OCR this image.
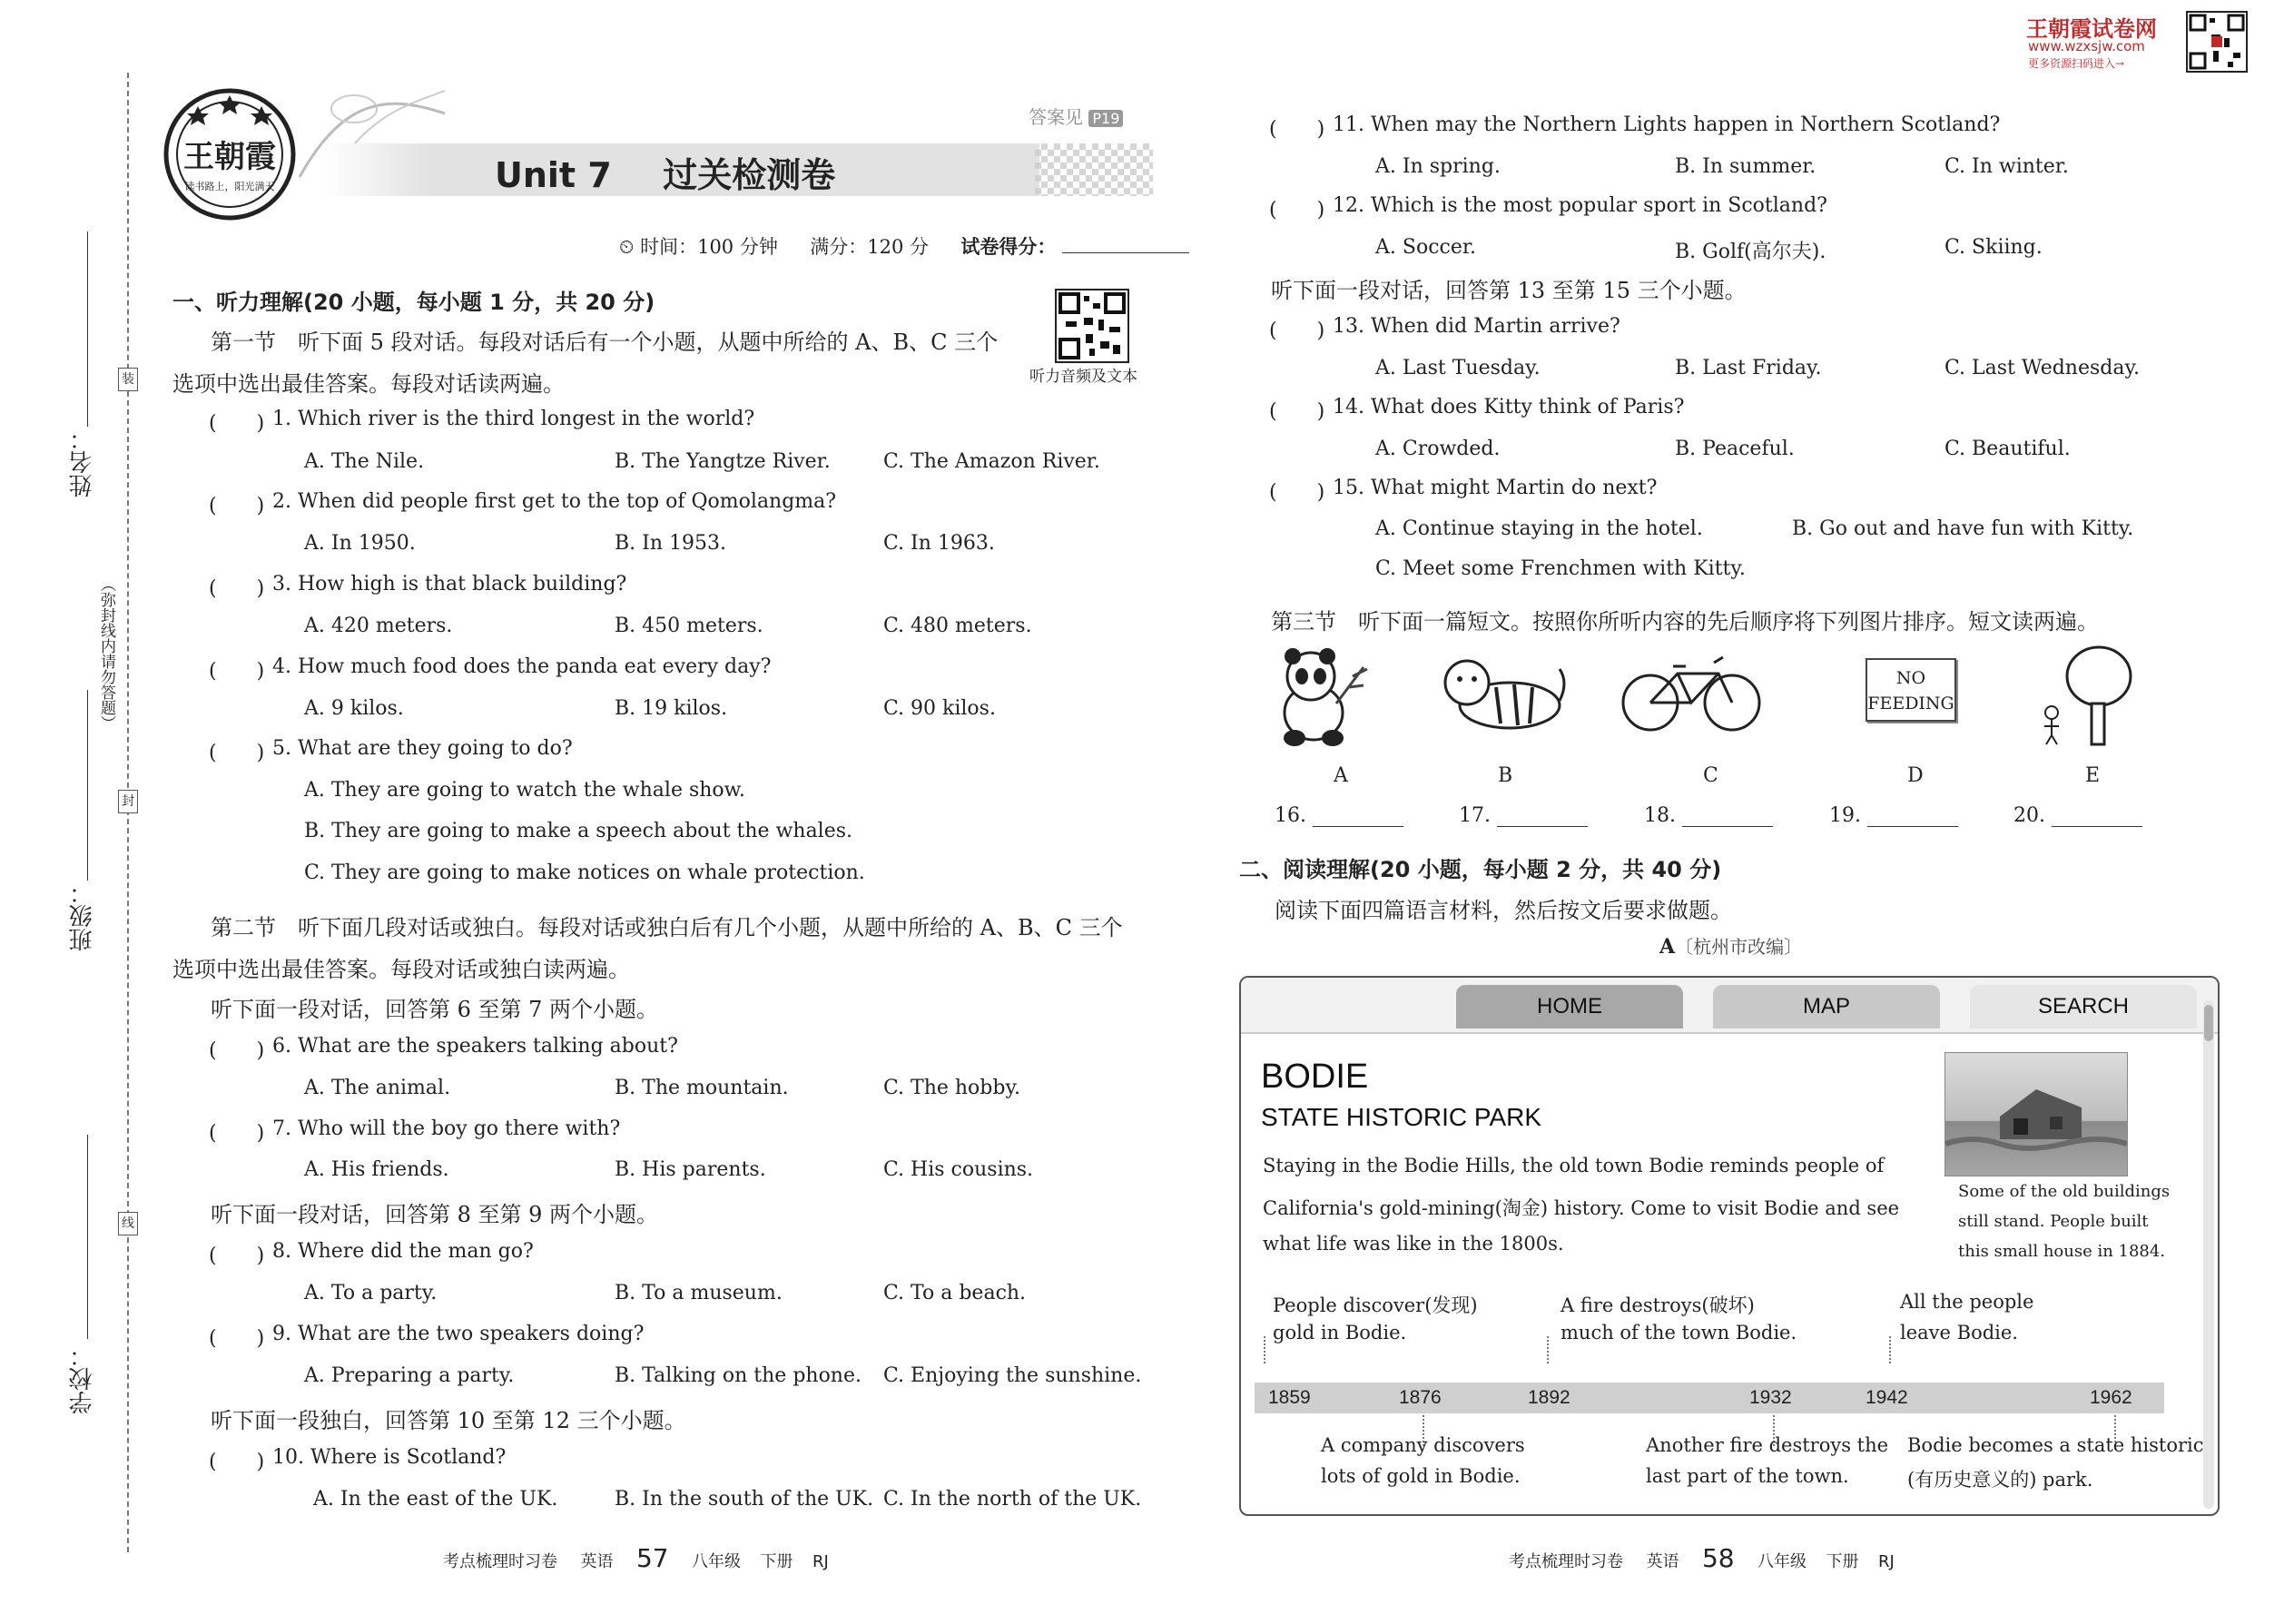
姓名：
班级：
学校：
（弥封线内请勿答题）
装
封
线
王朝霞
读书路上，阳光满天
答案见 P19
Unit 7 过关检测卷
⏲ 时间：100 分钟 满分：120 分 试卷得分：
听力音频及文本
一、听力理解(20 小题，每小题 1 分，共 20 分)
第一节　听下面 5 段对话。每段对话后有一个小题，从题中所给的 A、B、C 三个
选项中选出最佳答案。每段对话读两遍。
(　　) 1. Which river is the third longest in the world?
A. The Nile.	B. The Yangtze River.	C. The Amazon River.
(　　) 2. When did people first get to the top of Qomolangma?
A. In 1950.	B. In 1953.	C. In 1963.
(　　) 3. How high is that black building?
A. 420 meters.	B. 450 meters.	C. 480 meters.
(　　) 4. How much food does the panda eat every day?
A. 9 kilos.	B. 19 kilos.	C. 90 kilos.
(　　) 5. What are they going to do?
A. They are going to watch the whale show.
B. They are going to make a speech about the whales.
C. They are going to make notices on whale protection.
第二节　听下面几段对话或独白。每段对话或独白后有几个小题，从题中所给的 A、B、C 三个
选项中选出最佳答案。每段对话或独白读两遍。
听下面一段对话，回答第 6 至第 7 两个小题。
(　　) 6. What are the speakers talking about?
A. The animal.	B. The mountain.	C. The hobby.
(　　) 7. Who will the boy go there with?
A. His friends.	B. His parents.	C. His cousins.
听下面一段对话，回答第 8 至第 9 两个小题。
(　　) 8. Where did the man go?
A. To a party.	B. To a museum.	C. To a beach.
(　　) 9. What are the two speakers doing?
A. Preparing a party.	B. Talking on the phone. C. Enjoying the sunshine.
听下面一段独白，回答第 10 至第 12 三个小题。
(　　) 10. Where is Scotland?
A. In the east of the UK.	B. In the south of the UK. C. In the north of the UK.
(　　) 11. When may the Northern Lights happen in Northern Scotland?
A. In spring.	B. In summer.	C. In winter.
(　　) 12. Which is the most popular sport in Scotland?
A. Soccer.	B. Golf(高尔夫).	C. Skiing.
听下面一段对话，回答第 13 至第 15 三个小题。
(　　) 13. When did Martin arrive?
A. Last Tuesday.	B. Last Friday.	C. Last Wednesday.
(　　) 14. What does Kitty think of Paris?
A. Crowded.	B. Peaceful.	C. Beautiful.
(　　) 15. What might Martin do next?
A. Continue staying in the hotel.	B. Go out and have fun with Kitty.
C. Meet some Frenchmen with Kitty.
第三节　听下面一篇短文。按照你所听内容的先后顺序将下列图片排序。短文读两遍。
NO
FEEDING
A	B	C	D	E
16.	17.	18.	19.	20.
二、阅读理解(20 小题，每小题 2 分，共 40 分)
阅读下面四篇语言材料，然后按文后要求做题。
A〔杭州市改编〕
HOME	MAP	SEARCH
BODIE
STATE HISTORIC PARK
Staying in the Bodie Hills, the old town Bodie reminds people of
California's gold-mining(淘金) history. Come to visit Bodie and see
what life was like in the 1800s.
Some of the old buildings
still stand. People built
this small house in 1884.
People discover(发现)
gold in Bodie.
A fire destroys(破坏)
much of the town Bodie.
All the people
leave Bodie.
1859	1876	1892	1932	1942	1962
A company discovers
lots of gold in Bodie.
Another fire destroys the
last part of the town.
Bodie becomes a state historic
(有历史意义的) park.
王朝霞试卷网
www.wzxsjw.com
更多资源扫码进入→
考点梳理时习卷 英语 57 八年级 下册 RJ	考点梳理时习卷 英语 58 八年级 下册 RJ
